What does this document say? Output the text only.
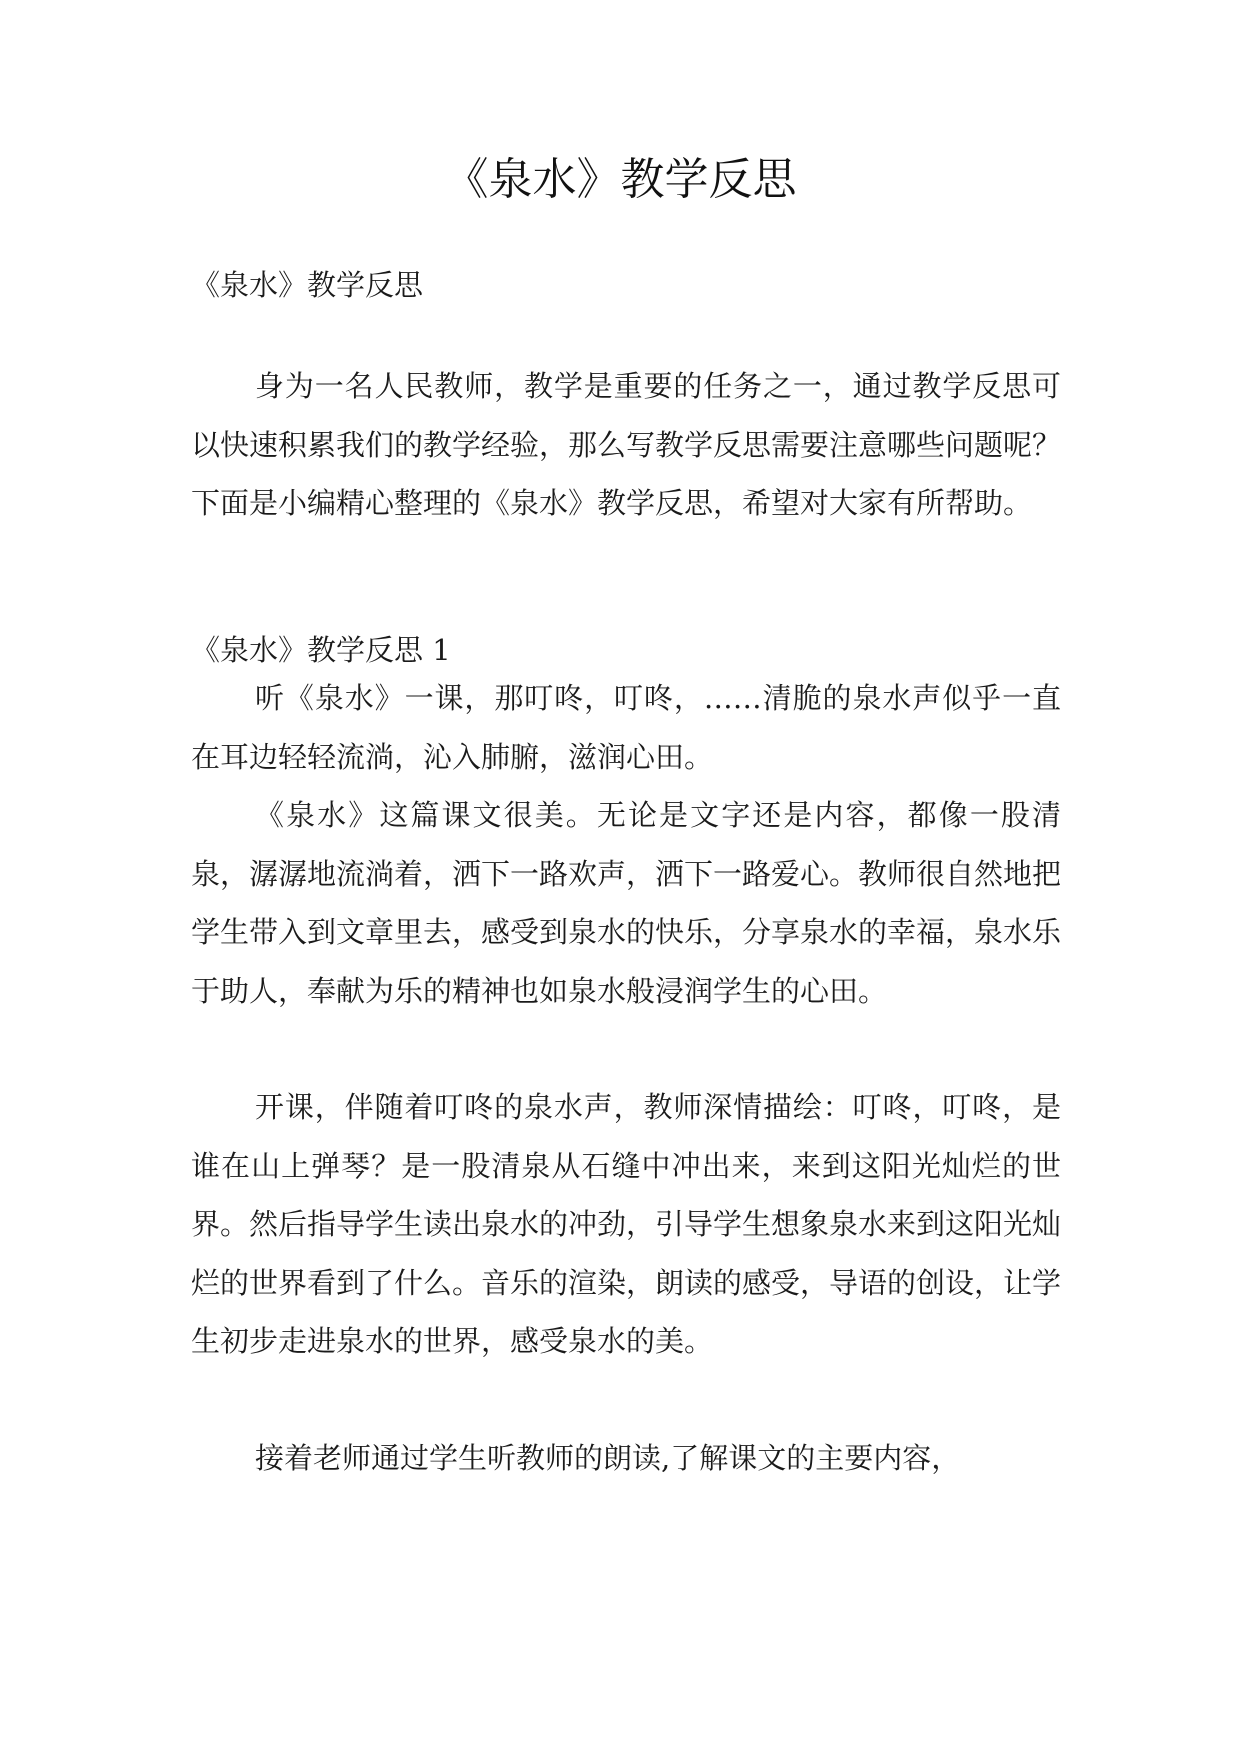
《泉水》教学反思

《泉水》教学反思

身为一名人民教师，教学是重要的任务之一，通过教学反思可以快速积累我们的教学经验，那么写教学反思需要注意哪些问题呢？下面是小编精心整理的《泉水》教学反思，希望对大家有所帮助。

《泉水》教学反思 1

听《泉水》一课，那叮咚，叮咚，……清脆的泉水声似乎一直在耳边轻轻流淌，沁入肺腑，滋润心田。

《泉水》这篇课文很美。无论是文字还是内容，都像一股清泉，潺潺地流淌着，洒下一路欢声，洒下一路爱心。教师很自然地把学生带入到文章里去，感受到泉水的快乐，分享泉水的幸福，泉水乐于助人，奉献为乐的精神也如泉水般浸润学生的心田。

开课，伴随着叮咚的泉水声，教师深情描绘：叮咚，叮咚，是谁在山上弹琴？是一股清泉从石缝中冲出来，来到这阳光灿烂的世界。然后指导学生读出泉水的冲劲，引导学生想象泉水来到这阳光灿烂的世界看到了什么。音乐的渲染，朗读的感受，导语的创设，让学生初步走进泉水的世界，感受泉水的美。

接着老师通过学生听教师的朗读,了解课文的主要内容，
